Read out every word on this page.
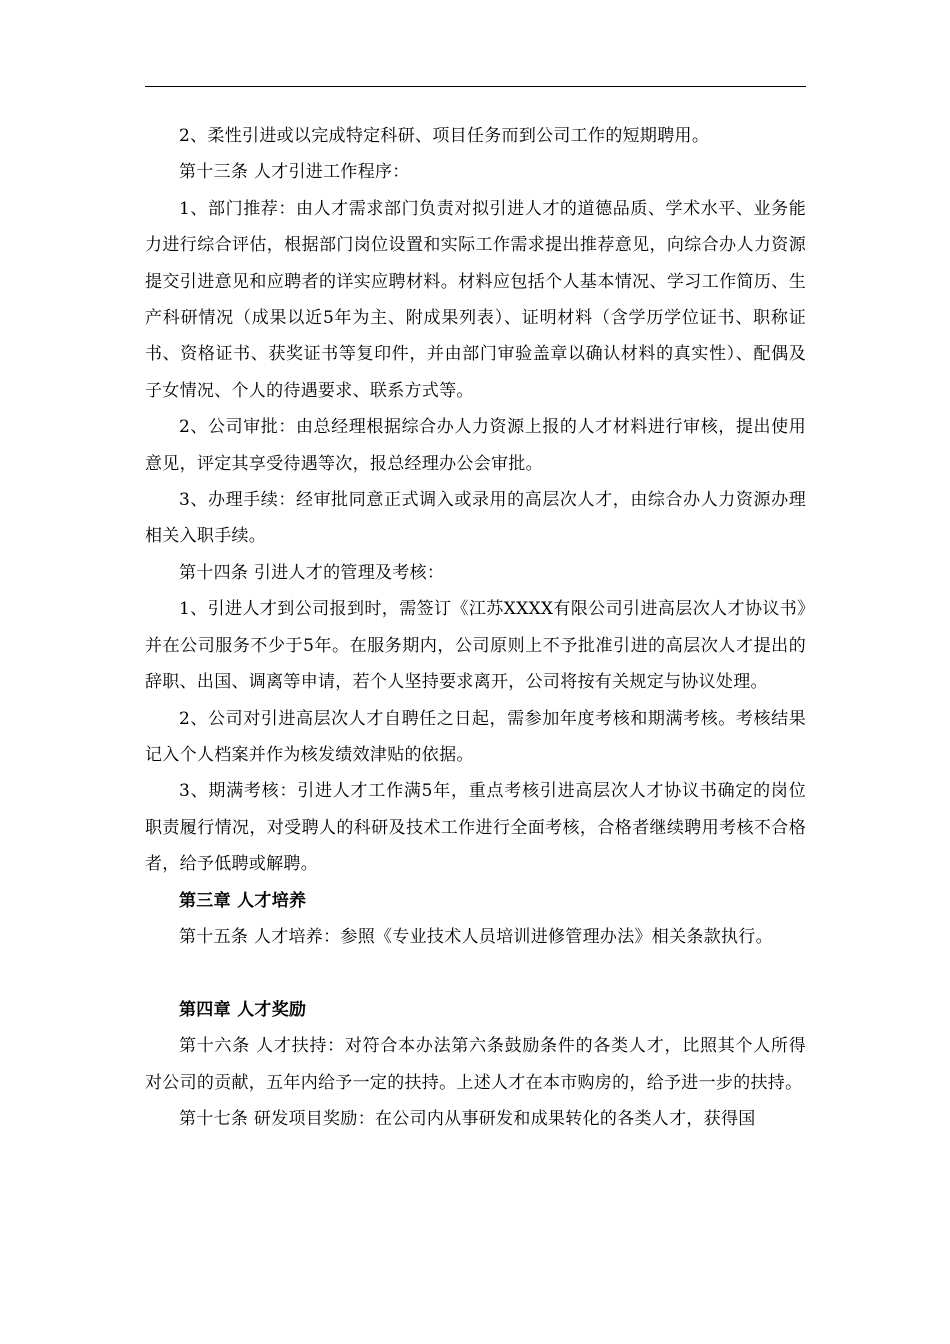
2、柔性引进或以完成特定科研、项目任务而到公司工作的短期聘用。

第十三条 人才引进工作程序：

1、部门推荐：由人才需求部门负责对拟引进人才的道德品质、学术水平、业务能力进行综合评估，根据部门岗位设置和实际工作需求提出推荐意见，向综合办人力资源提交引进意见和应聘者的详实应聘材料。材料应包括个人基本情况、学习工作简历、生产科研情况（成果以近5年为主、附成果列表）、证明材料（含学历学位证书、职称证书、资格证书、获奖证书等复印件，并由部门审验盖章以确认材料的真实性）、配偶及子女情况、个人的待遇要求、联系方式等。

2、公司审批：由总经理根据综合办人力资源上报的人才材料进行审核，提出使用意见，评定其享受待遇等次，报总经理办公会审批。

3、办理手续：经审批同意正式调入或录用的高层次人才，由综合办人力资源办理相关入职手续。

第十四条 引进人才的管理及考核：

1、引进人才到公司报到时，需签订《江苏XXXX有限公司引进高层次人才协议书》并在公司服务不少于5年。在服务期内，公司原则上不予批准引进的高层次人才提出的辞职、出国、调离等申请，若个人坚持要求离开，公司将按有关规定与协议处理。

2、公司对引进高层次人才自聘任之日起，需参加年度考核和期满考核。考核结果记入个人档案并作为核发绩效津贴的依据。

3、期满考核：引进人才工作满5年，重点考核引进高层次人才协议书确定的岗位职责履行情况，对受聘人的科研及技术工作进行全面考核，合格者继续聘用考核不合格者，给予低聘或解聘。

第三章 人才培养

第十五条 人才培养：参照《专业技术人员培训进修管理办法》相关条款执行。

第四章 人才奖励

第十六条 人才扶持：对符合本办法第六条鼓励条件的各类人才，比照其个人所得对公司的贡献，五年内给予一定的扶持。上述人才在本市购房的，给予进一步的扶持。

第十七条 研发项目奖励：在公司内从事研发和成果转化的各类人才，获得国
